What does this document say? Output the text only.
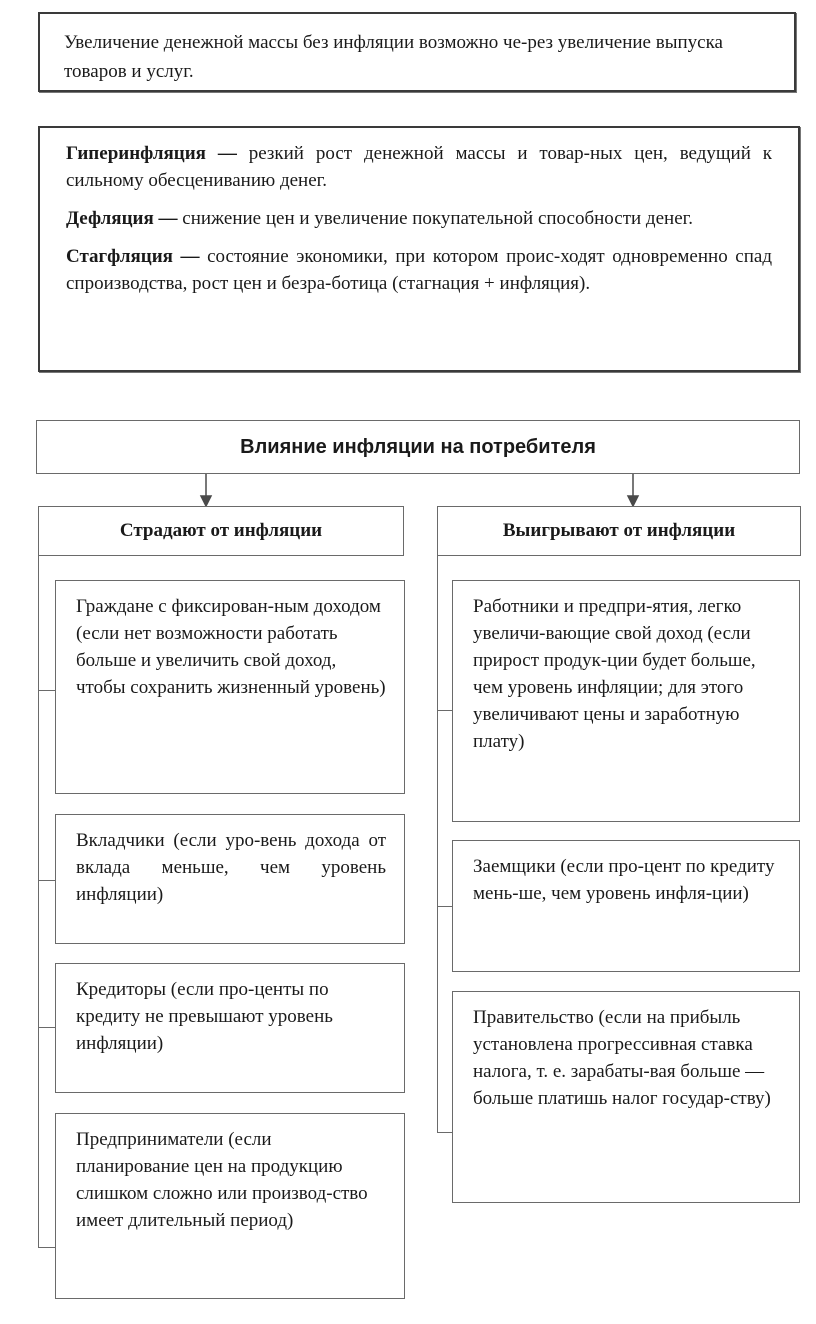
Увеличение денежной массы без инфляции возможно че-рез увеличение выпуска товаров и услуг.

Гиперинфляция — резкий рост денежной массы и товар-ных цен, ведущий к сильному обесцениванию денег.

Дефляция — снижение цен и увеличение покупательной способности денег.

Стагфляция — состояние экономики, при котором проис-ходят одновременно спад спроизводства, рост цен и безра-ботица (стагнация + инфляция).

Влияние инфляции на потребителя
Страдают от инфляции	Выигрывают от инфляции
Граждане с фиксирован-ным доходом (если нет возможности работать больше и увеличить свой доход, чтобы сохранить жизненный уровень)
Вкладчики (если уро-вень дохода от вклада меньше, чем уровень инфляции)
Кредиторы (если про-центы по кредиту не превышают уровень инфляции)
Предприниматели (если планирование цен на продукцию слишком сложно или производ-ство имеет длительный период)
Работники и предпри-ятия, легко увеличи-вающие свой доход (если прирост продук-ции будет больше, чем уровень инфляции; для этого увеличивают цены и заработную плату)
Заемщики (если про-цент по кредиту мень-ше, чем уровень инфля-ции)
Правительство (если на прибыль установлена прогрессивная ставка налога, т. е. зарабаты-вая больше — больше платишь налог государ-ству)
